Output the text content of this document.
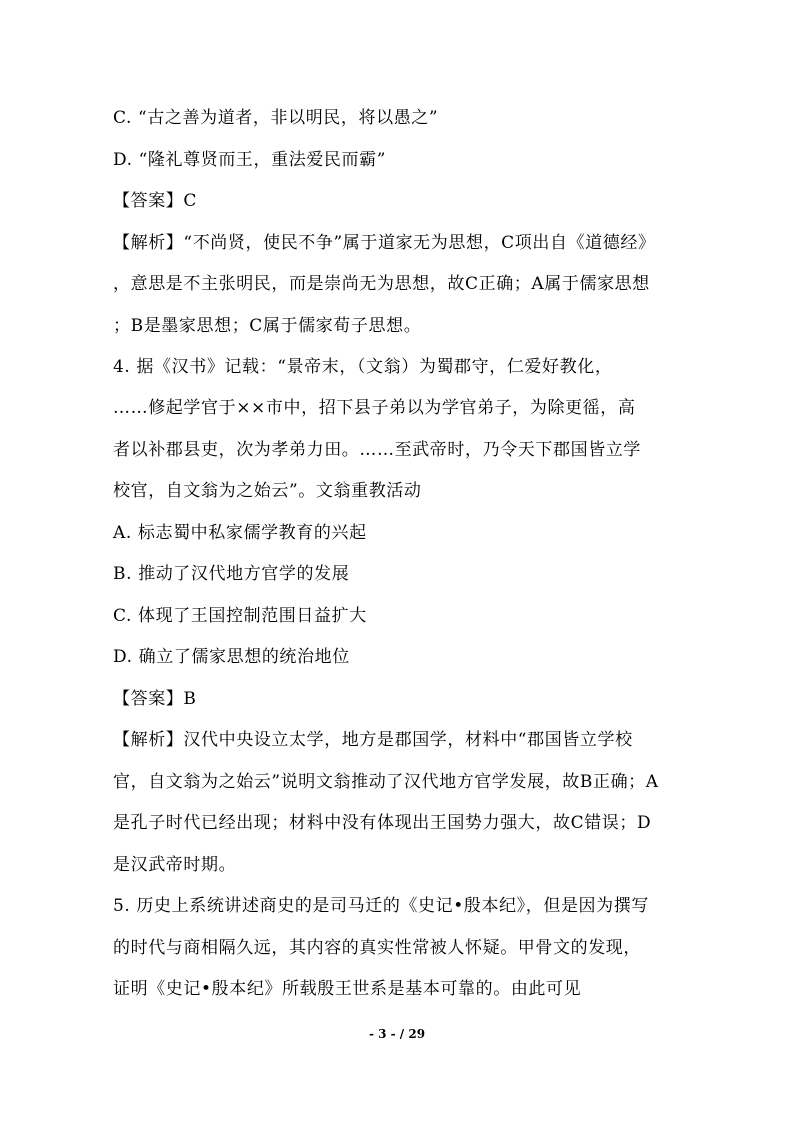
C. “古之善为道者，非以明民，将以愚之”
D. “隆礼尊贤而王，重法爱民而霸”
【答案】C
【解析】“不尚贤，使民不争”属于道家无为思想，C项出自《道德经》
，意思是不主张明民，而是崇尚无为思想，故C正确；A属于儒家思想
；B是墨家思想；C属于儒家荀子思想。
4. 据《汉书》记载：“景帝末，（文翁）为蜀郡守，仁爱好教化，
……修起学官于××市中，招下县子弟以为学官弟子，为除更徭，高
者以补郡县吏，次为孝弟力田。……至武帝时，乃令天下郡国皆立学
校官，自文翁为之始云”。文翁重教活动
A. 标志蜀中私家儒学教育的兴起
B. 推动了汉代地方官学的发展
C. 体现了王国控制范围日益扩大
D. 确立了儒家思想的统治地位
【答案】B
【解析】汉代中央设立太学，地方是郡国学，材料中“郡国皆立学校
官，自文翁为之始云”说明文翁推动了汉代地方官学发展，故B正确；A
是孔子时代已经出现；材料中没有体现出王国势力强大，故C错误；D
是汉武帝时期。
5. 历史上系统讲述商史的是司马迁的《史记•殷本纪》，但是因为撰写
的时代与商相隔久远，其内容的真实性常被人怀疑。甲骨文的发现，
证明《史记•殷本纪》所载殷王世系是基本可靠的。由此可见
- 3 - / 29
